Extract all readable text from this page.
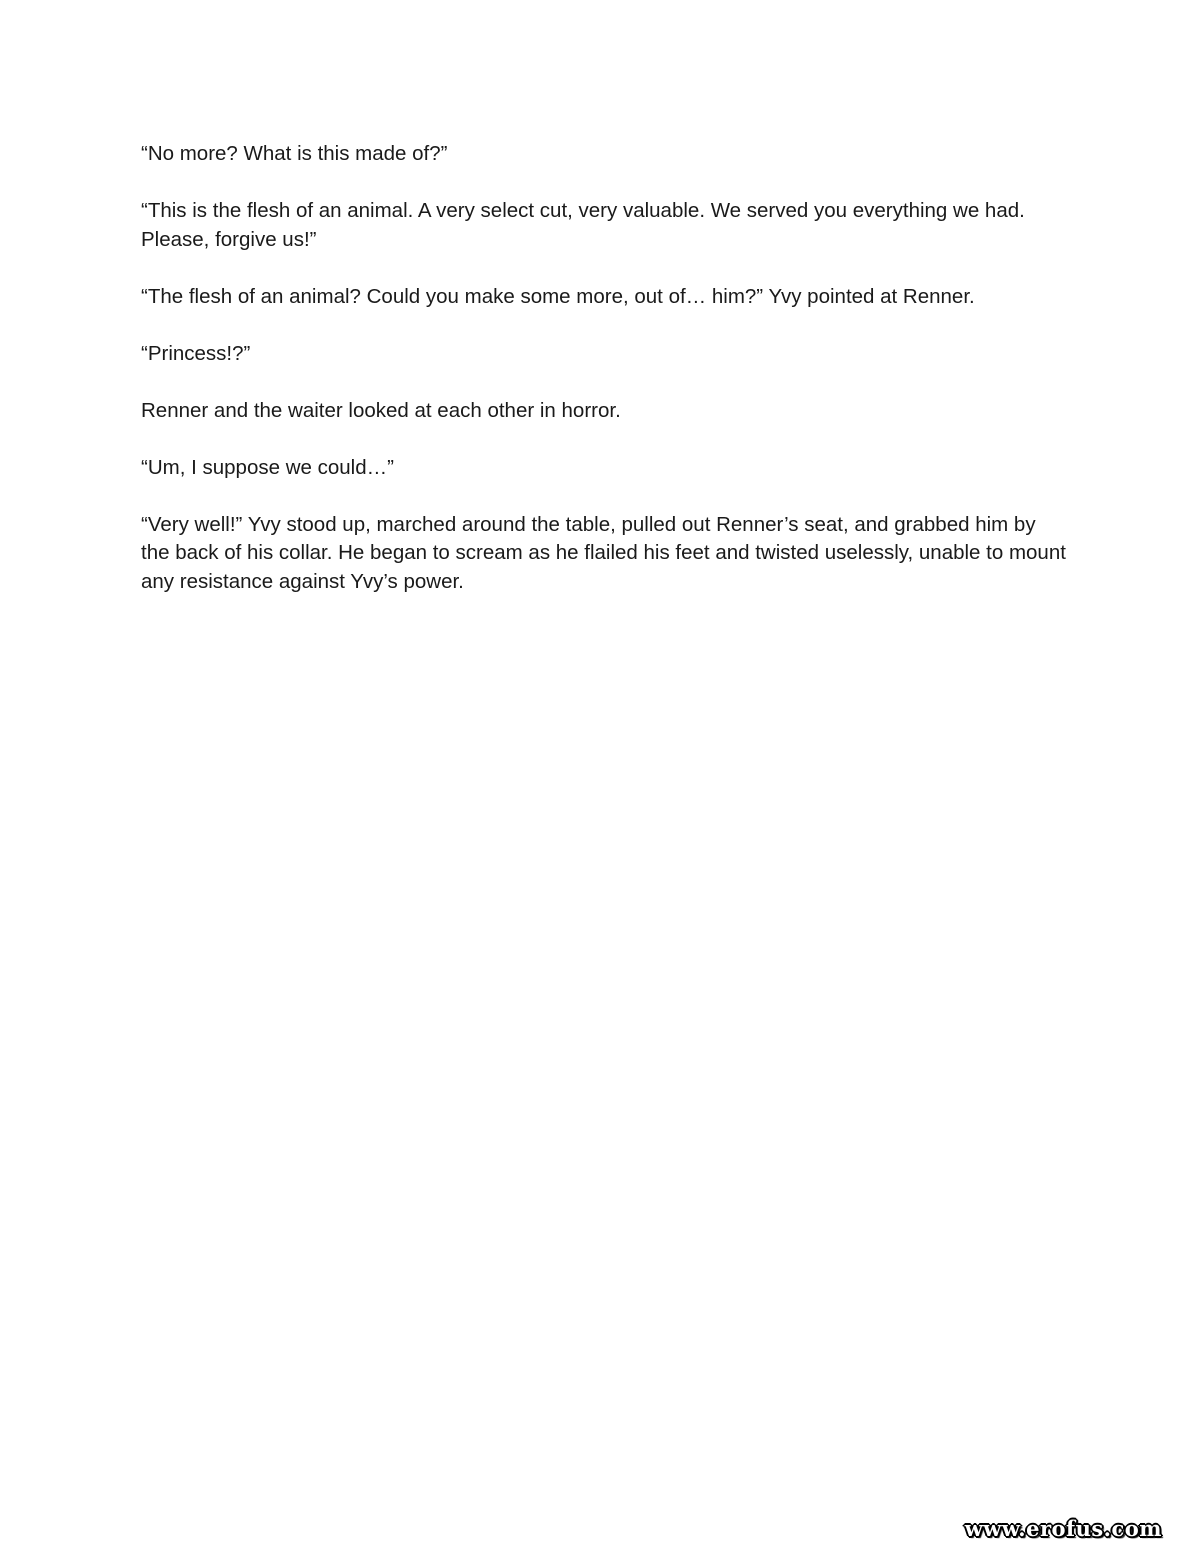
“No more? What is this made of?”

“This is the flesh of an animal. A very select cut, very valuable. We served you everything we had. Please, forgive us!”

“The flesh of an animal? Could you make some more, out of… him?” Yvy pointed at Renner.

“Princess!?”

Renner and the waiter looked at each other in horror.

“Um, I suppose we could…”

“Very well!” Yvy stood up, marched around the table, pulled out Renner’s seat, and grabbed him by the back of his collar. He began to scream as he flailed his feet and twisted uselessly, unable to mount any resistance against Yvy’s power.

www.erofus.com
